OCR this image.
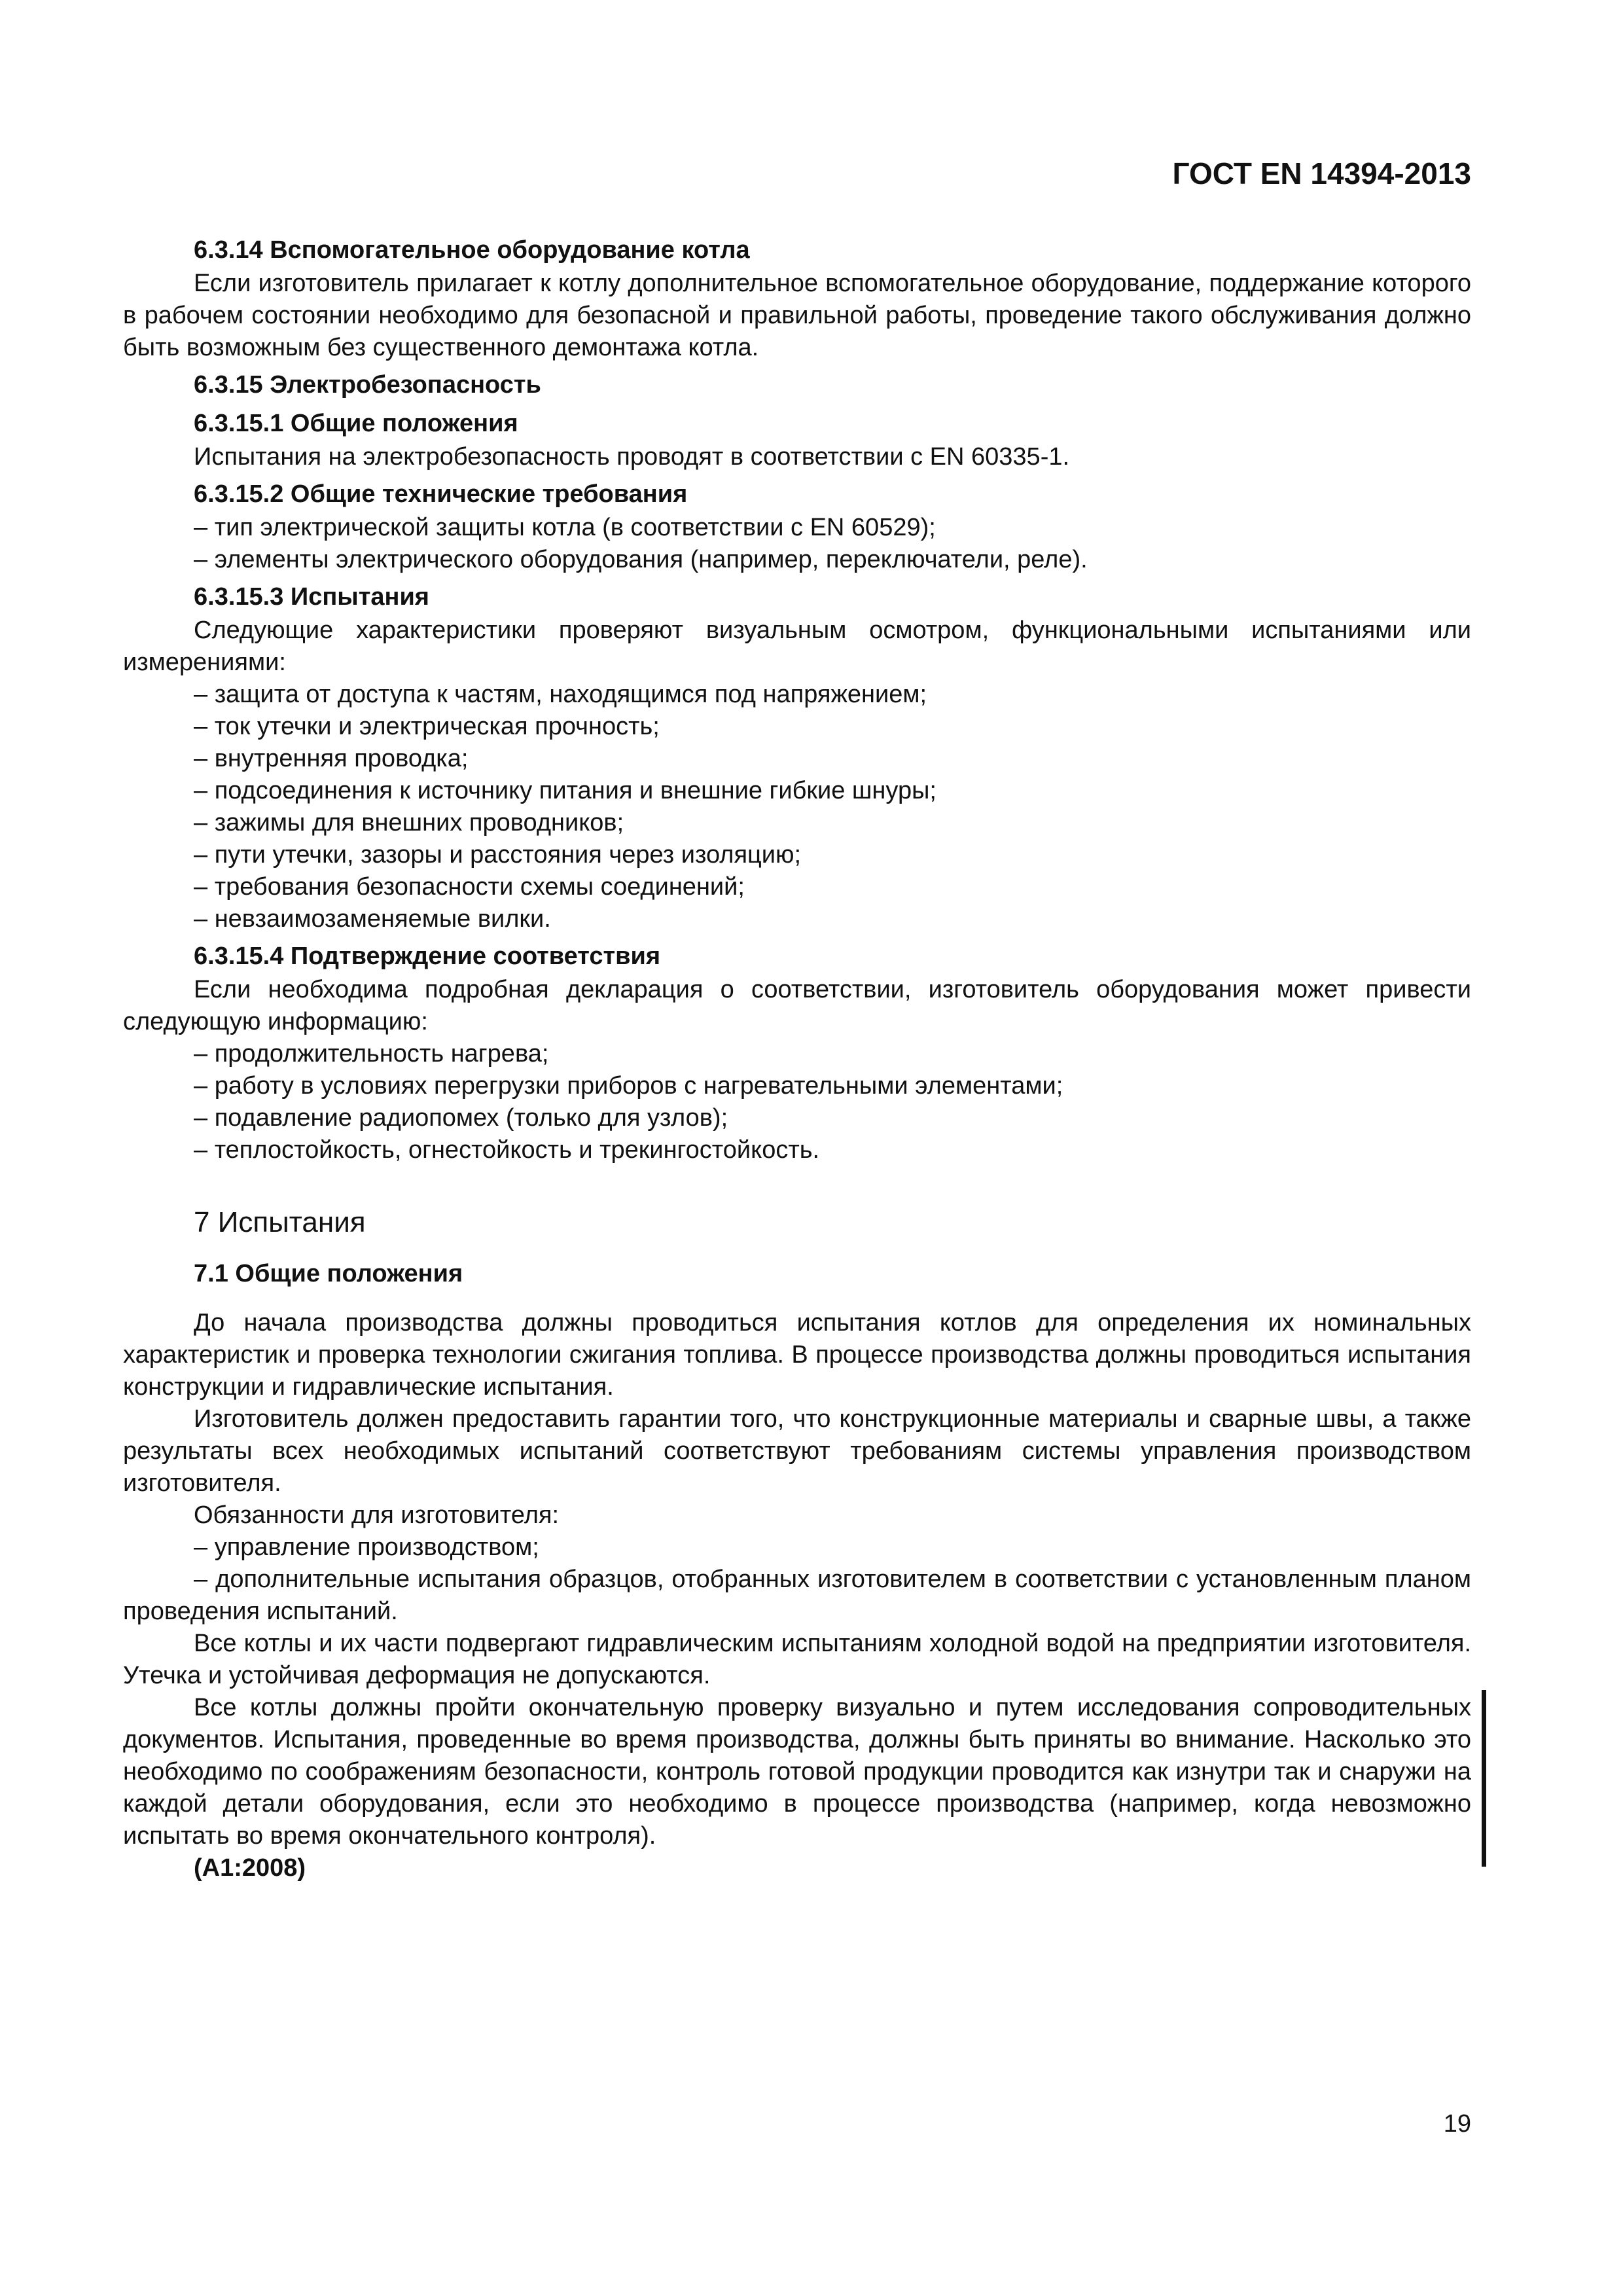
ГОСТ EN 14394-2013
6.3.14 Вспомогательное оборудование котла

Если изготовитель прилагает к котлу дополнительное вспомогательное оборудование, поддержание которого в рабочем состоянии необходимо для безопасной и правильной работы, проведение такого обслуживания должно быть возможным без существенного демонтажа котла.

6.3.15 Электробезопасность
6.3.15.1 Общие положения

Испытания на электробезопасность проводят в соответствии с EN 60335-1.

6.3.15.2 Общие технические требования

– тип электрической защиты котла (в соответствии с EN 60529);

– элементы электрического оборудования (например, переключатели, реле).

6.3.15.3 Испытания

Следующие характеристики проверяют визуальным осмотром, функциональными испытаниями или измерениями:

– защита от доступа к частям, находящимся под напряжением;

– ток утечки и электрическая прочность;

– внутренняя проводка;

– подсоединения к источнику питания и внешние гибкие шнуры;

– зажимы для внешних проводников;

– пути утечки, зазоры и расстояния через изоляцию;

– требования безопасности схемы соединений;

– невзаимозаменяемые вилки.

6.3.15.4 Подтверждение соответствия

Если необходима подробная декларация о соответствии, изготовитель оборудования может привести следующую информацию:

– продолжительность нагрева;

– работу в условиях перегрузки приборов с нагревательными элементами;

– подавление радиопомех (только для узлов);

– теплостойкость, огнестойкость и трекингостойкость.

7 Испытания
7.1 Общие положения

До начала производства должны проводиться испытания котлов для определения их номинальных характеристик и проверка технологии сжигания топлива. В процессе производства должны проводиться испытания конструкции и гидравлические испытания.

Изготовитель должен предоставить гарантии того, что конструкционные материалы и сварные швы, а также результаты всех необходимых испытаний соответствуют требованиям системы управления производством изготовителя.

Обязанности для изготовителя:

– управление производством;

– дополнительные испытания образцов, отобранных изготовителем в соответствии с установленным планом проведения испытаний.

Все котлы и их части подвергают гидравлическим испытаниям холодной водой на предприятии изготовителя. Утечка и устойчивая деформация не допускаются.

Все котлы должны пройти окончательную проверку визуально и путем исследования сопроводительных документов. Испытания, проведенные во время производства, должны быть приняты во внимание. Насколько это необходимо по соображениям безопасности, контроль готовой продукции проводится как изнутри так и снаружи на каждой детали оборудования, если это необходимо в процессе производства (например, когда невозможно испытать во время окончательного контроля).

(А1:2008)
19
